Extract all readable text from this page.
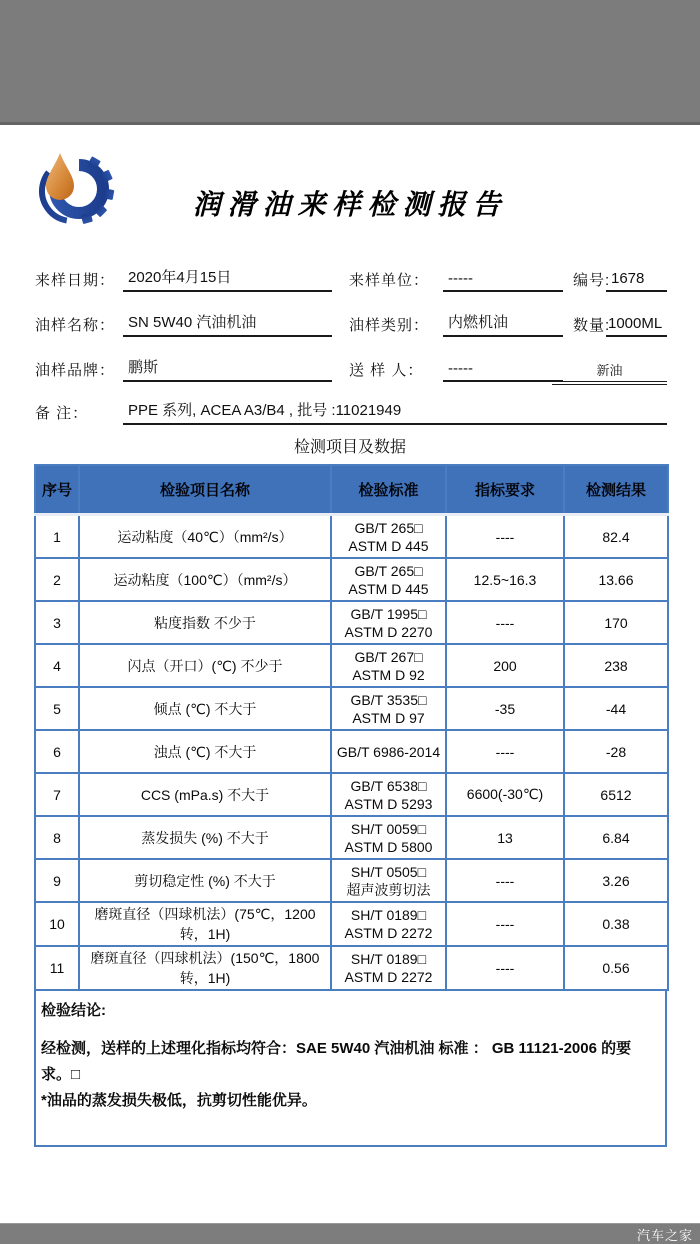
润滑油来样检测报告
来样日期： 2020年4月15日	来样单位：	-----	编号: 1678
油样名称： SN 5W40 汽油机油	油样类别：	内燃机油	数量:
1000ML
油样品牌： 鹏斯	送 样 人：	-----	新油
备 注：	PPE 系列, ACEA A3/B4 , 批号 :11021949
检测项目及数据
序号	检验项目名称	检验标准	指标要求	检测结果
1	运动粘度（40℃）（mm²/s）	GB/T 265□
ASTM D 445	----	82.4
2	运动粘度（100℃）（mm²/s）	GB/T 265□
ASTM D 445	12.5~16.3	13.66
3	粘度指数 不少于	GB/T 1995□
ASTM D 2270	----	170
4	闪点（开口）(℃) 不少于	GB/T 267□
ASTM D 92	200	238
5	倾点 (℃) 不大于	GB/T 3535□
ASTM D 97	-35	-44
6	浊点 (℃) 不大于	GB/T 6986-2014	----	-28
7	CCS (mPa.s) 不大于	GB/T 6538□
ASTM D 5293	6600(-30℃)	6512
8	蒸发损失 (%) 不大于	SH/T 0059□
ASTM D 5800	13	6.84
9	剪切稳定性 (%) 不大于	SH/T 0505□
超声波剪切法	----	3.26
10	磨斑直径（四球机法）(75℃，1200转，1H)	SH/T 0189□
ASTM D 2272	----	0.38
11	磨斑直径（四球机法）(150℃，1800转，1H)	SH/T 0189□
ASTM D 2272	----	0.56
检验结论:
经检测，送样的上述理化指标均符合：SAE 5W40 汽油机油 标准 ： GB 11121-2006 的要求。□
*油品的蒸发损失极低，抗剪切性能优异。
汽车之家
